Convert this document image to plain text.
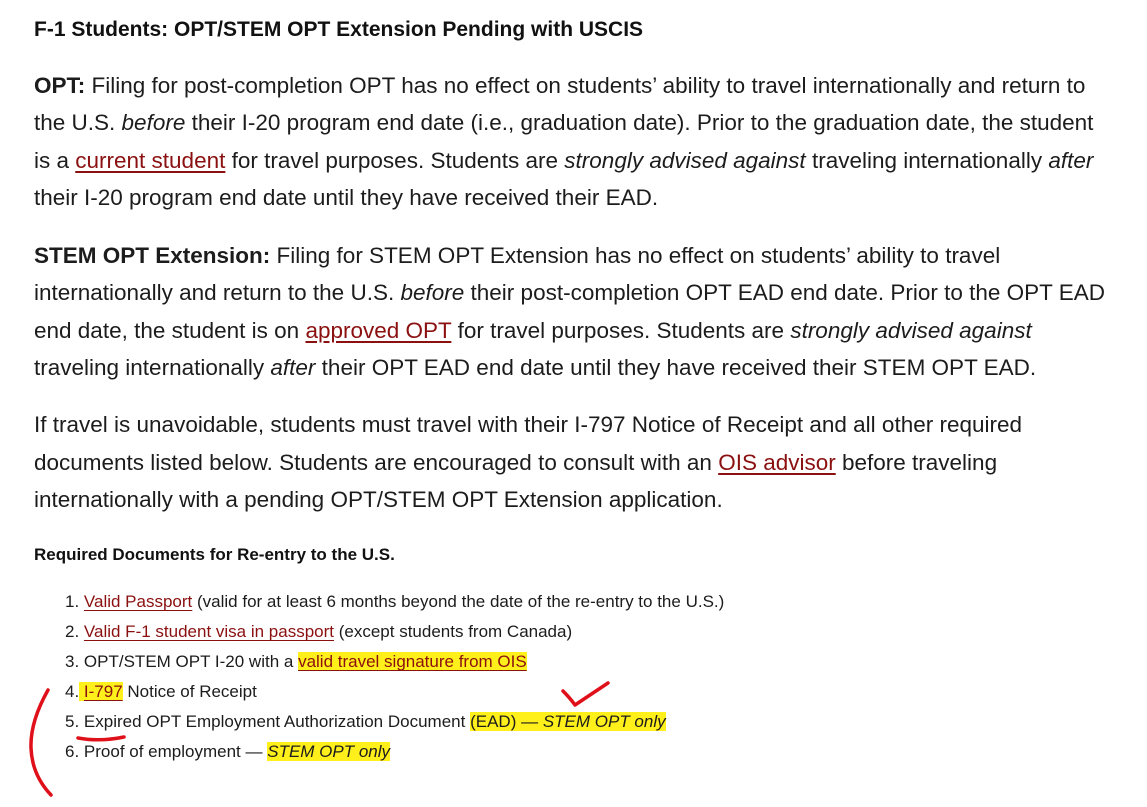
F-1 Students: OPT/STEM OPT Extension Pending with USCIS

OPT: Filing for post-completion OPT has no effect on students’ ability to travel internationally and return to the U.S. before their I-20 program end date (i.e., graduation date). Prior to the graduation date, the student is a current student for travel purposes. Students are strongly advised against traveling internationally after their I-20 program end date until they have received their EAD.

STEM OPT Extension: Filing for STEM OPT Extension has no effect on students’ ability to travel internationally and return to the U.S. before their post-completion OPT EAD end date. Prior to the OPT EAD end date, the student is on approved OPT for travel purposes. Students are strongly advised against traveling internationally after their OPT EAD end date until they have received their STEM OPT EAD.

If travel is unavoidable, students must travel with their I-797 Notice of Receipt and all other required documents listed below. Students are encouraged to consult with an OIS advisor before traveling internationally with a pending OPT/STEM OPT Extension application.

Required Documents for Re-entry to the U.S.
1. Valid Passport (valid for at least 6 months beyond the date of the re-entry to the U.S.)
2. Valid F-1 student visa in passport (except students from Canada)
3. OPT/STEM OPT I-20 with a valid travel signature from OIS
4. I-797 Notice of Receipt
5. Expired OPT Employment Authorization Document (EAD) — STEM OPT only
6. Proof of employment — STEM OPT only
